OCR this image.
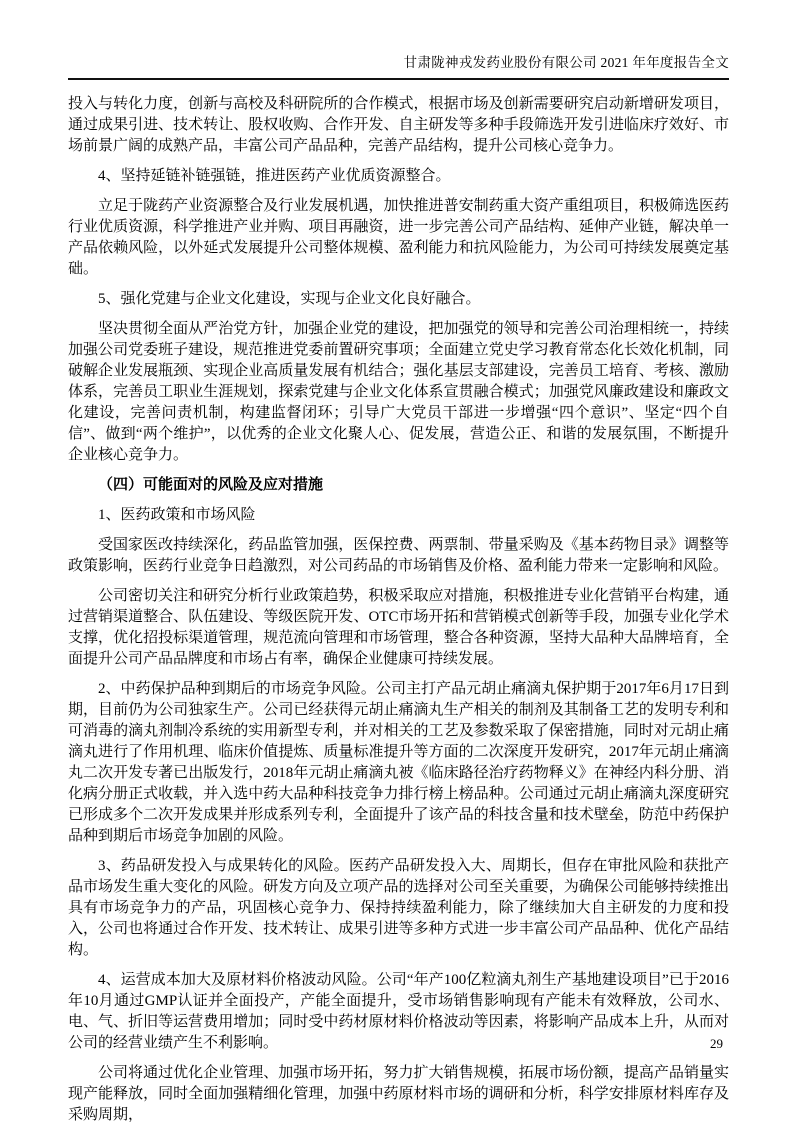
甘肃陇神戎发药业股份有限公司 2021 年年度报告全文

投入与转化力度，创新与高校及科研院所的合作模式，根据市场及创新需要研究启动新增研发项目，通过成果引进、技术转让、股权收购、合作开发、自主研发等多种手段筛选开发引进临床疗效好、市场前景广阔的成熟产品，丰富公司产品品种，完善产品结构，提升公司核心竞争力。

4、坚持延链补链强链，推进医药产业优质资源整合。

立足于陇药产业资源整合及行业发展机遇，加快推进普安制药重大资产重组项目，积极筛选医药行业优质资源，科学推进产业并购、项目再融资，进一步完善公司产品结构、延伸产业链，解决单一产品依赖风险，以外延式发展提升公司整体规模、盈利能力和抗风险能力，为公司可持续发展奠定基础。

5、强化党建与企业文化建设，实现与企业文化良好融合。

坚决贯彻全面从严治党方针，加强企业党的建设，把加强党的领导和完善公司治理相统一，持续加强公司党委班子建设，规范推进党委前置研究事项；全面建立党史学习教育常态化长效化机制，同破解企业发展瓶颈、实现企业高质量发展有机结合；强化基层支部建设，完善员工培育、考核、激励体系，完善员工职业生涯规划，探索党建与企业文化体系宣贯融合模式；加强党风廉政建设和廉政文化建设，完善问责机制，构建监督闭环；引导广大党员干部进一步增强“四个意识”、坚定“四个自信”、做到“两个维护”，以优秀的企业文化聚人心、促发展，营造公正、和谐的发展氛围，不断提升企业核心竞争力。

（四）可能面对的风险及应对措施

1、医药政策和市场风险

受国家医改持续深化，药品监管加强，医保控费、两票制、带量采购及《基本药物目录》调整等政策影响，医药行业竞争日趋激烈，对公司药品的市场销售及价格、盈利能力带来一定影响和风险。

公司密切关注和研究分析行业政策趋势，积极采取应对措施，积极推进专业化营销平台构建，通过营销渠道整合、队伍建设、等级医院开发、OTC市场开拓和营销模式创新等手段，加强专业化学术支撑，优化招投标渠道管理，规范流向管理和市场管理，整合各种资源，坚持大品种大品牌培育，全面提升公司产品品牌度和市场占有率，确保企业健康可持续发展。

2、中药保护品种到期后的市场竞争风险。公司主打产品元胡止痛滴丸保护期于2017年6月17日到期，目前仍为公司独家生产。公司已经获得元胡止痛滴丸生产相关的制剂及其制备工艺的发明专利和可消毒的滴丸剂制冷系统的实用新型专利，并对相关的工艺及参数采取了保密措施，同时对元胡止痛滴丸进行了作用机理、临床价值提炼、质量标准提升等方面的二次深度开发研究，2017年元胡止痛滴丸二次开发专著已出版发行，2018年元胡止痛滴丸被《临床路径治疗药物释义》在神经内科分册、消化病分册正式收载，并入选中药大品种科技竞争力排行榜上榜品种。公司通过元胡止痛滴丸深度研究已形成多个二次开发成果并形成系列专利，全面提升了该产品的科技含量和技术壁垒，防范中药保护品种到期后市场竞争加剧的风险。

3、药品研发投入与成果转化的风险。医药产品研发投入大、周期长，但存在审批风险和获批产品市场发生重大变化的风险。研发方向及立项产品的选择对公司至关重要，为确保公司能够持续推出具有市场竞争力的产品，巩固核心竞争力、保持持续盈利能力，除了继续加大自主研发的力度和投入，公司也将通过合作开发、技术转让、成果引进等多种方式进一步丰富公司产品品种、优化产品结构。

4、运营成本加大及原材料价格波动风险。公司“年产100亿粒滴丸剂生产基地建设项目”已于2016年10月通过GMP认证并全面投产，产能全面提升，受市场销售影响现有产能未有效释放，公司水、电、气、折旧等运营费用增加；同时受中药材原材料价格波动等因素，将影响产品成本上升，从而对公司的经营业绩产生不利影响。

公司将通过优化企业管理、加强市场开拓，努力扩大销售规模，拓展市场份额，提高产品销量实现产能释放，同时全面加强精细化管理，加强中药原材料市场的调研和分析，科学安排原材料库存及采购周期，

29
